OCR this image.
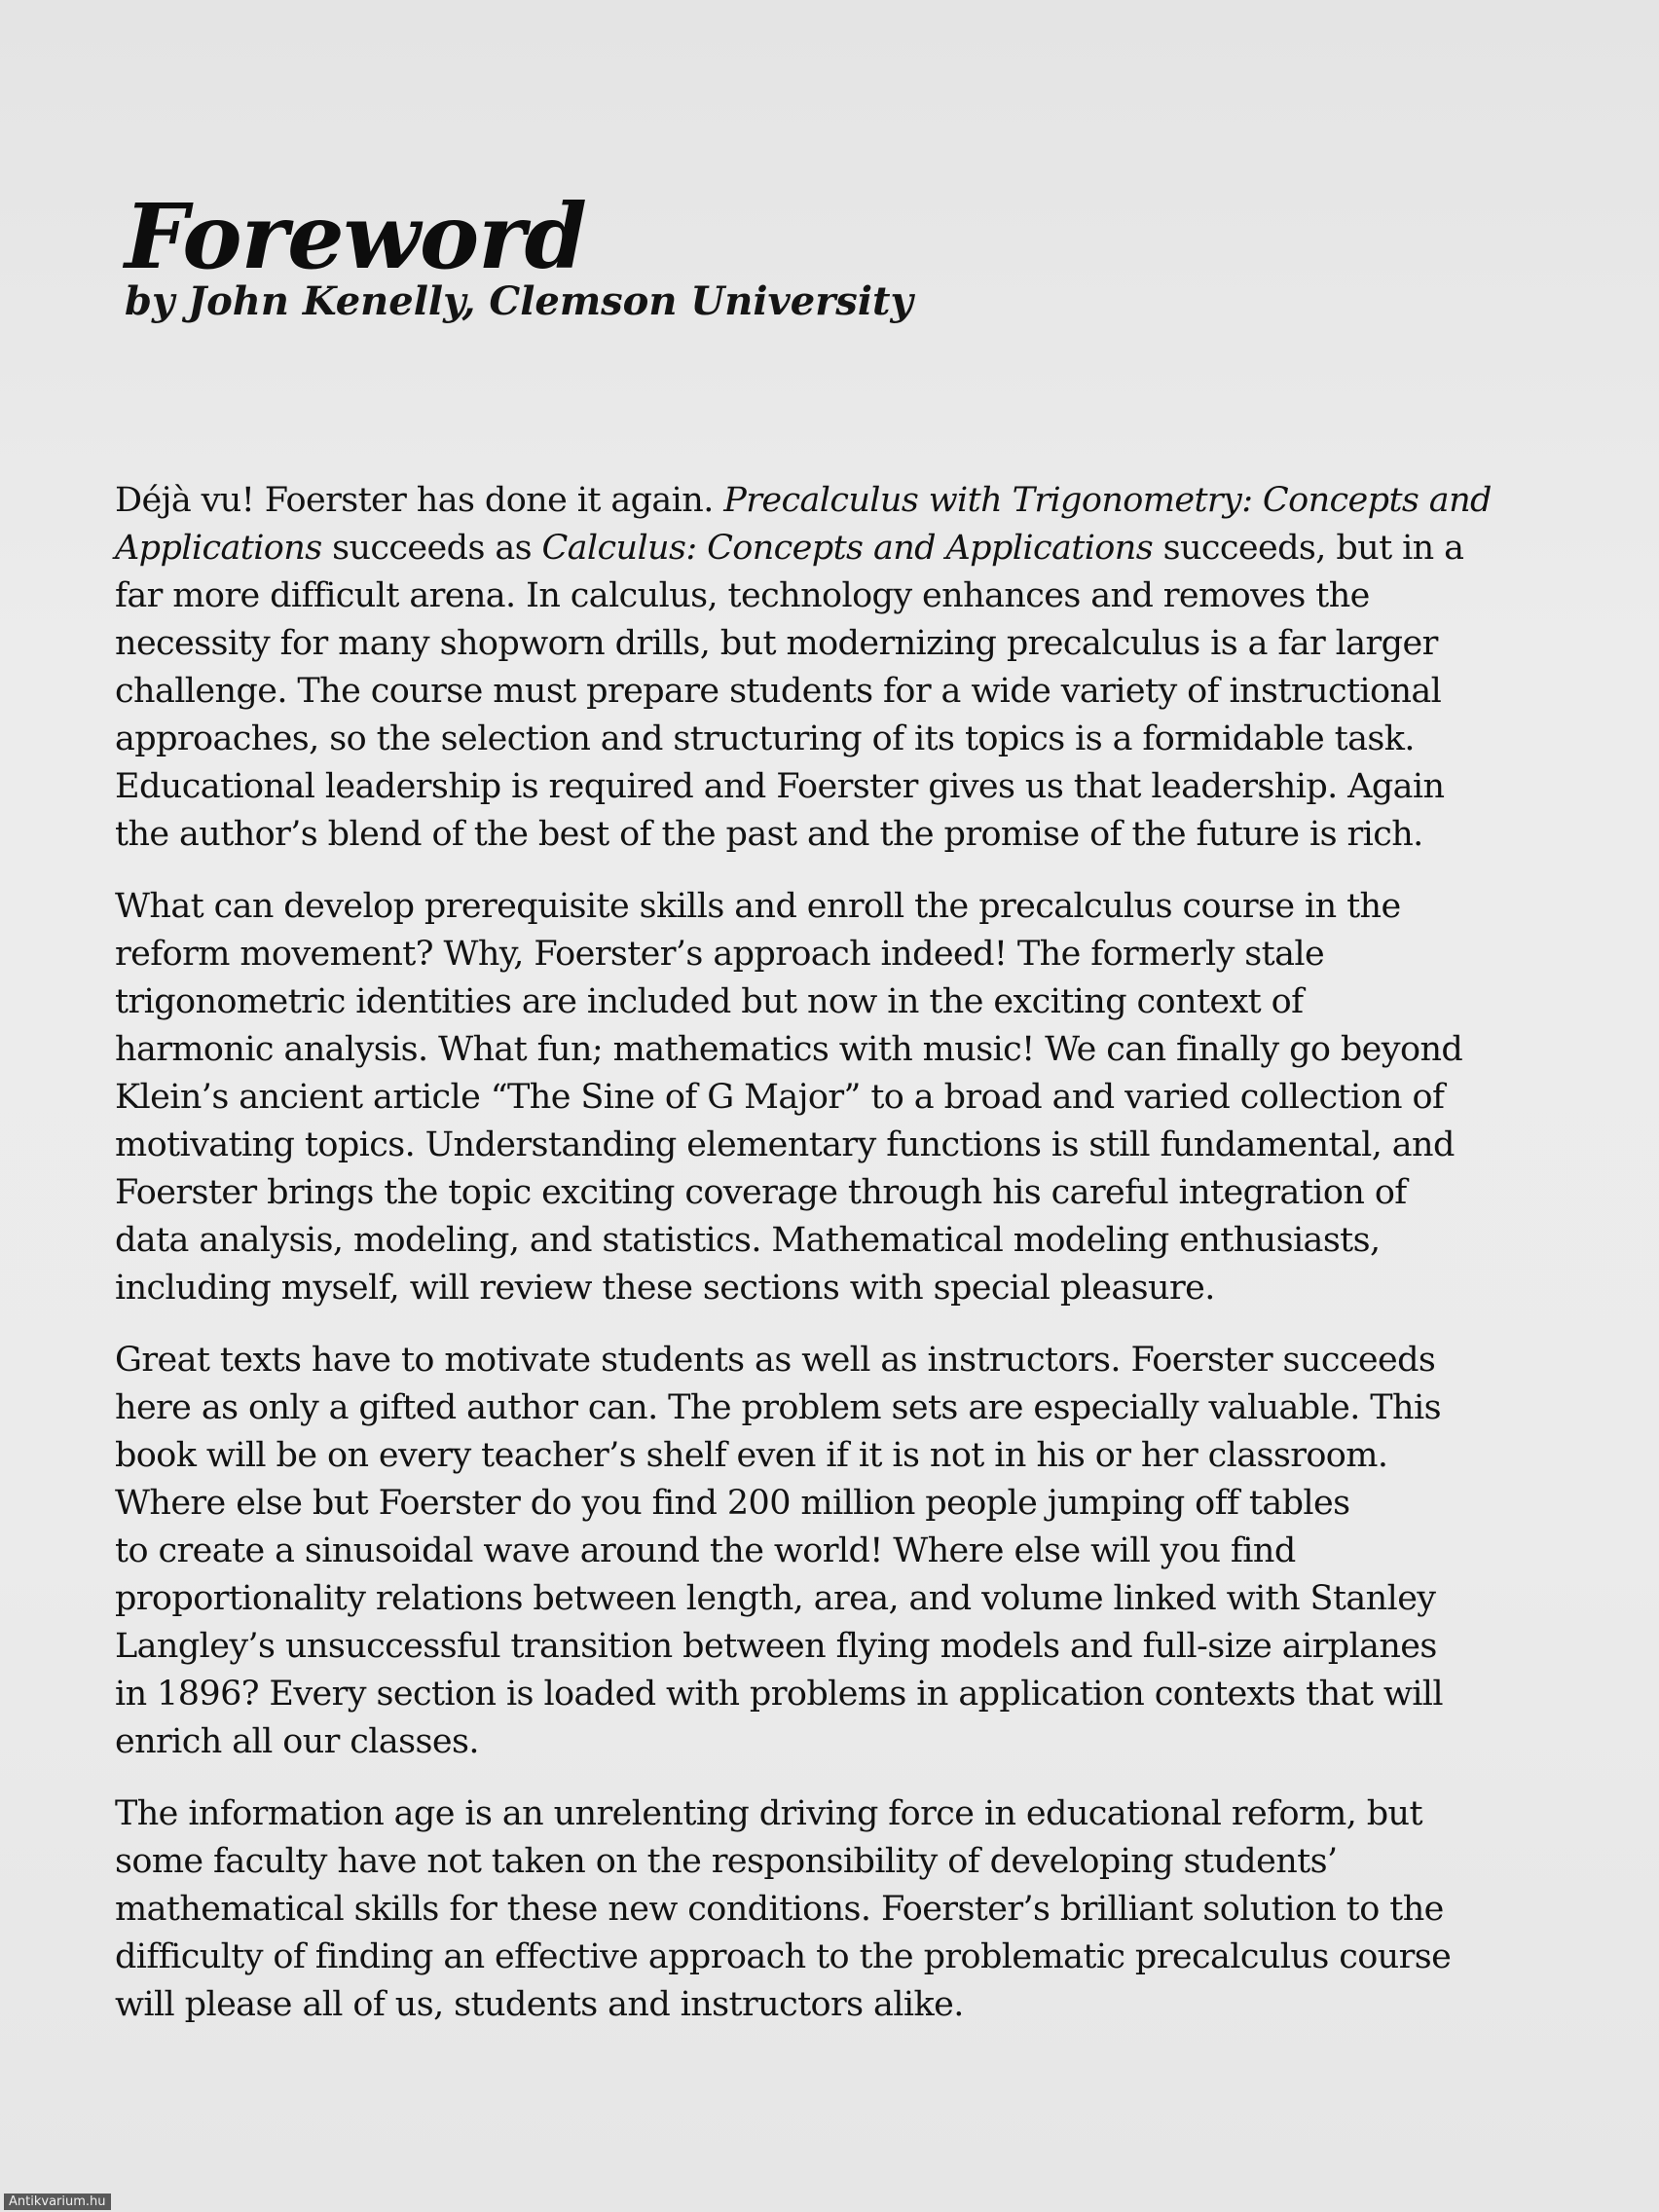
Foreword
by John Kenelly, Clemson University

Déjà vu! Foerster has done it again. Precalculus with Trigonometry: Concepts and
Applications succeeds as Calculus: Concepts and Applications succeeds, but in a
far more difficult arena. In calculus, technology enhances and removes the
necessity for many shopworn drills, but modernizing precalculus is a far larger
challenge. The course must prepare students for a wide variety of instructional
approaches, so the selection and structuring of its topics is a formidable task.
Educational leadership is required and Foerster gives us that leadership. Again
the author’s blend of the best of the past and the promise of the future is rich.

What can develop prerequisite skills and enroll the precalculus course in the
reform movement? Why, Foerster’s approach indeed! The formerly stale
trigonometric identities are included but now in the exciting context of
harmonic analysis. What fun; mathematics with music! We can finally go beyond
Klein’s ancient article “The Sine of G Major” to a broad and varied collection of
motivating topics. Understanding elementary functions is still fundamental, and
Foerster brings the topic exciting coverage through his careful integration of
data analysis, modeling, and statistics. Mathematical modeling enthusiasts,
including myself, will review these sections with special pleasure.

Great texts have to motivate students as well as instructors. Foerster succeeds
here as only a gifted author can. The problem sets are especially valuable. This
book will be on every teacher’s shelf even if it is not in his or her classroom.
Where else but Foerster do you find 200 million people jumping off tables
to create a sinusoidal wave around the world! Where else will you find
proportionality relations between length, area, and volume linked with Stanley
Langley’s unsuccessful transition between flying models and full-size airplanes
in 1896? Every section is loaded with problems in application contexts that will
enrich all our classes.

The information age is an unrelenting driving force in educational reform, but
some faculty have not taken on the responsibility of developing students’
mathematical skills for these new conditions. Foerster’s brilliant solution to the
difficulty of finding an effective approach to the problematic precalculus course
will please all of us, students and instructors alike.

Antikvarium.hu
